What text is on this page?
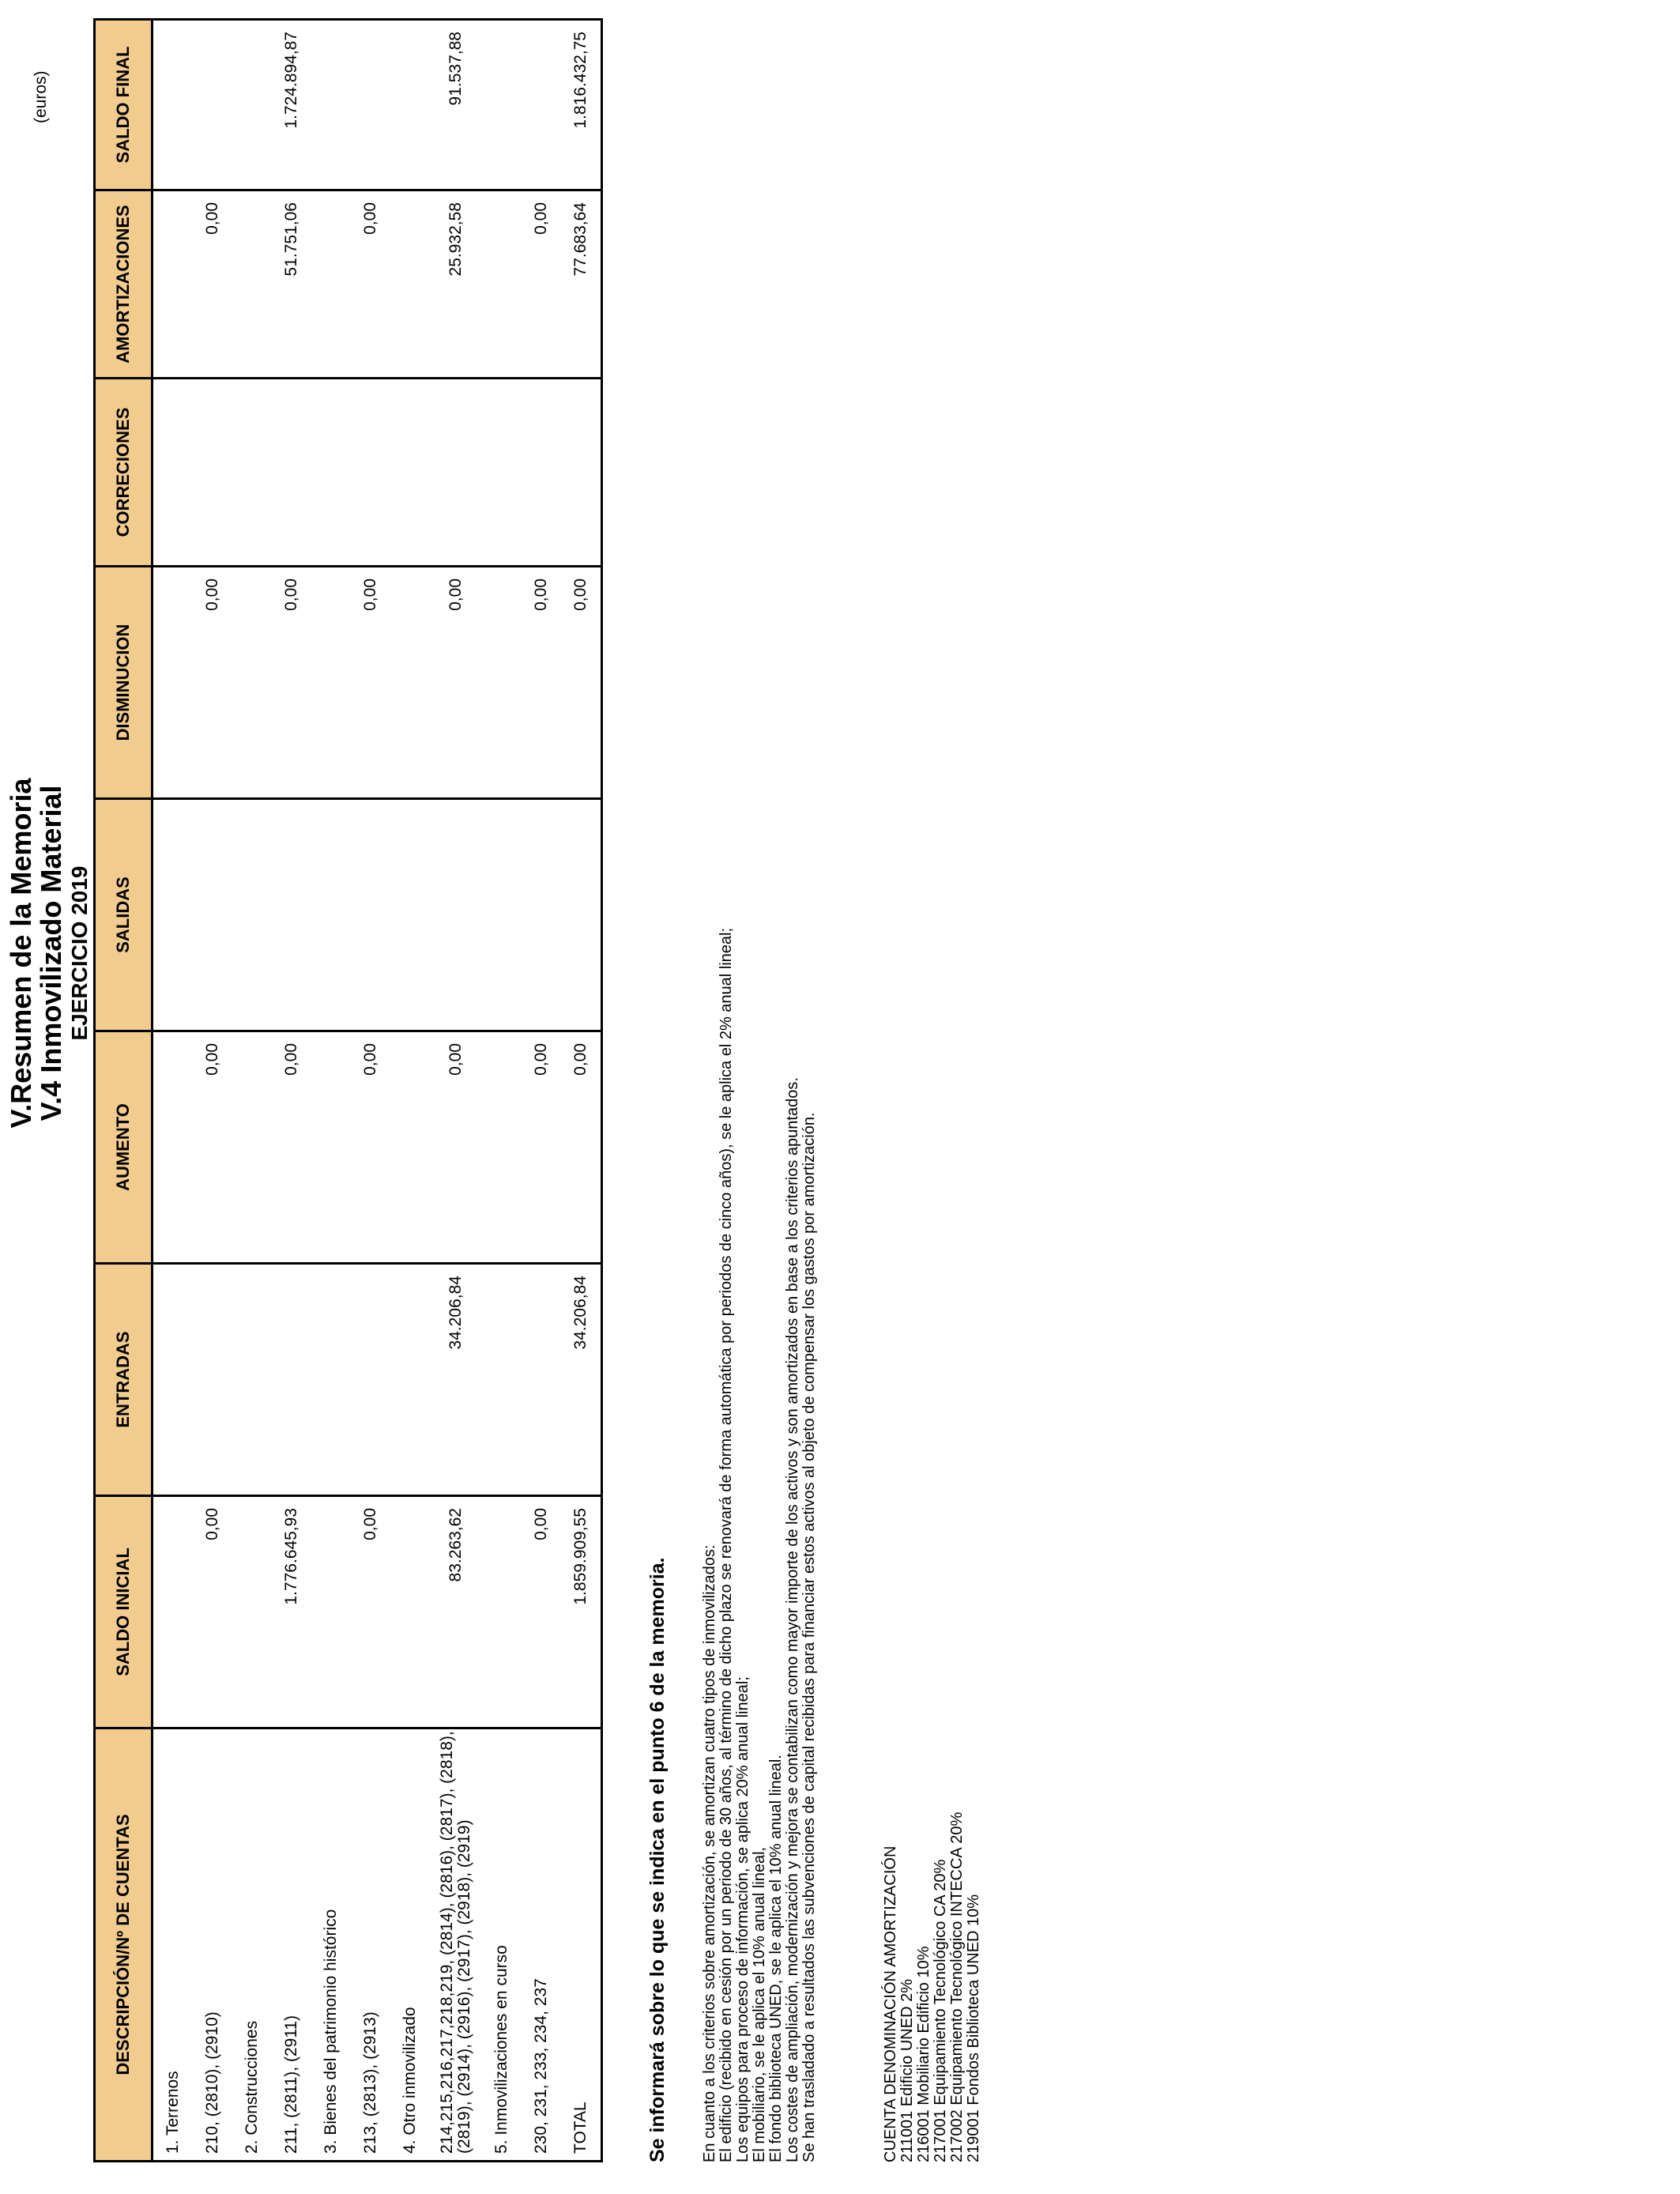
V.Resumen de la Memoria
V.4 Inmovilizado Material EJERCICIO 2019
(euros)
DESCRIPCIÓN/Nº DE CUENTAS	SALDO INICIAL	ENTRADAS	AUMENTO	SALIDAS	DISMINUCION	CORRECIONES	AMORTIZACIONES	SALDO FINAL
1. Terrenos								
210, (2810), (2910)	0,00		0,00		0,00		0,00	
2. Construcciones								
211, (2811), (2911)	1.776.645,93		0,00		0,00		51.751,06	1.724.894,87
3. Bienes del patrimonio histórico								
213, (2813), (2913)	0,00		0,00		0,00		0,00	
4. Otro inmovilizado								
214,215,216,217,218,219, (2814), (2816), (2817), (2818), (2819), (2914), (2916), (2917), (2918), (2919)	83.263,62	34.206,84	0,00		0,00		25.932,58	91.537,88
5. Inmovilizaciones en curso								
230, 231, 233, 234, 237	0,00		0,00		0,00		0,00	
TOTAL	1.859.909,55	34.206,84	0,00		0,00		77.683,64	1.816.432,75
Se informará sobre lo que se indica en el punto 6 de la memoria. En cuanto a los criterios sobre amortización, se amortizan cuatro tipos de inmovilizados: El edificio (recibido en cesión por un periodo de 30 años, al término de dicho plazo se renovará de forma automática por periodos de cinco años), se le aplica el 2% anual lineal; Los equipos para proceso de información, se aplica 20% anual lineal; El mobiliario, se le aplica el 10% anual lineal, El fondo biblioteca UNED, se le aplica el 10% anual lineal. Los costes de ampliación, modernización y mejora se contabilizan como mayor importe de los activos y son amortizados en base a los criterios apuntados. Se han trasladado a resultados las subvenciones de capital recibidas para financiar estos activos al objeto de compensar los gastos por amortización.	CUENTA DENOMINACIÓN AMORTIZACIÓN 211001 Edificio UNED 2% 216001 Mobiliario Edificio 10% 217001 Equipamiento Tecnológico CA 20% 217002 Equipamiento Tecnológico INTECCA 20% 219001 Fondos Biblioteca UNED 10%
